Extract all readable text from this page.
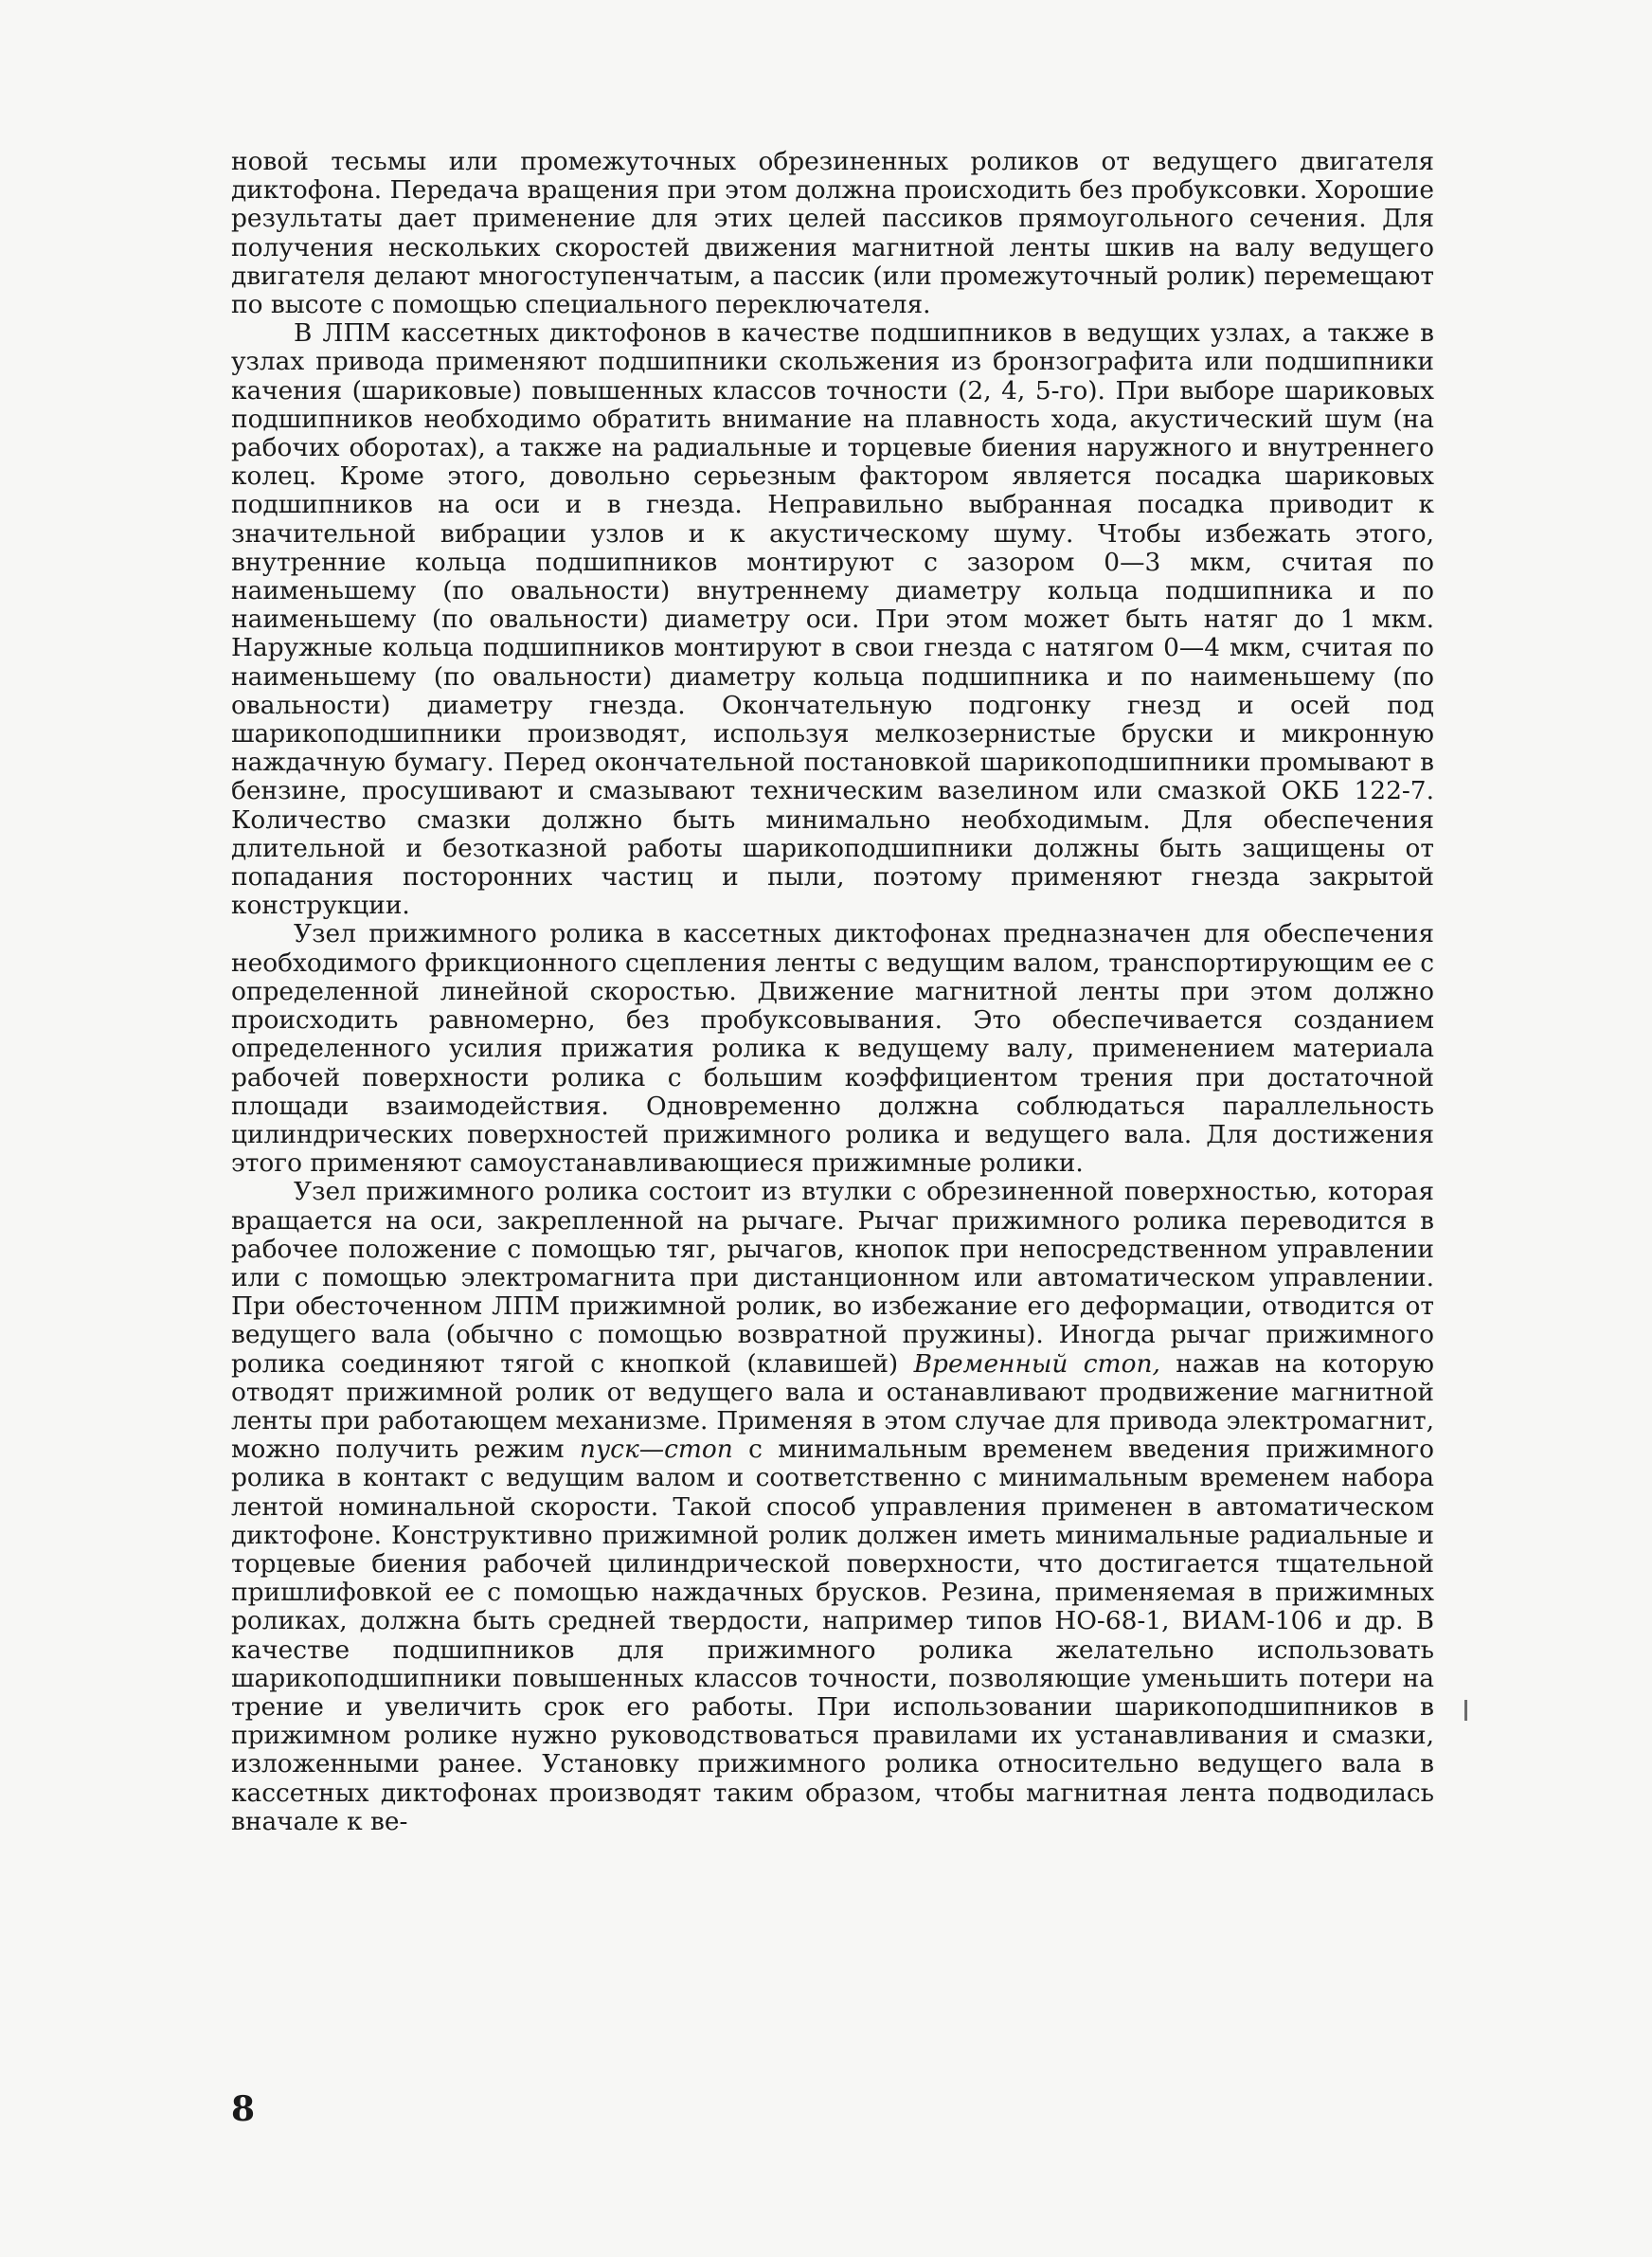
новой тесьмы или промежуточных обрезиненных роликов от ведущего двигателя диктофона. Передача вращения при этом должна происходить без пробуксовки. Хорошие результаты дает применение для этих целей пассиков прямоугольного сечения. Для получения нескольких скоростей движения магнитной ленты шкив на валу ведущего двигателя делают многоступенчатым, а пассик (или промежуточный ролик) перемещают по высоте с помощью специального переключателя.

В ЛПМ кассетных диктофонов в качестве подшипников в ведущих узлах, а также в узлах привода применяют подшипники скольжения из бронзографита или подшипники качения (шариковые) повышенных классов точности (2, 4, 5-го). При выборе шариковых подшипников необходимо обратить внимание на плавность хода, акустический шум (на рабочих оборотах), а также на радиальные и торцевые биения наружного и внутреннего колец. Кроме этого, довольно серьезным фактором является посадка шариковых подшипников на оси и в гнезда. Неправильно выбранная посадка приводит к значительной вибрации узлов и к акустическому шуму. Чтобы избежать этого, внутренние кольца подшипников монтируют с зазором 0—3 мкм, считая по наименьшему (по овальности) внутреннему диаметру кольца подшипника и по наименьшему (по овальности) диаметру оси. При этом может быть натяг до 1 мкм. Наружные кольца подшипников монтируют в свои гнезда с натягом 0—4 мкм, считая по наименьшему (по овальности) диаметру кольца подшипника и по наименьшему (по овальности) диаметру гнезда. Окончательную подгонку гнезд и осей под шарикоподшипники производят, используя мелкозернистые бруски и микронную наждачную бумагу. Перед окончательной постановкой шарикоподшипники промывают в бензине, просушивают и смазывают техническим вазелином или смазкой ОКБ 122-7. Количество смазки должно быть минимально необходимым. Для обеспечения длительной и безотказной работы шарикоподшипники должны быть защищены от попадания посторонних частиц и пыли, поэтому применяют гнезда закрытой конструкции.

Узел прижимного ролика в кассетных диктофонах предназначен для обеспечения необходимого фрикционного сцепления ленты с ведущим валом, транспортирующим ее с определенной линейной скоростью. Движение магнитной ленты при этом должно происходить равномерно, без пробуксовывания. Это обеспечивается созданием определенного усилия прижатия ролика к ведущему валу, применением материала рабочей поверхности ролика с большим коэффициентом трения при достаточной площади взаимодействия. Одновременно должна соблюдаться параллельность цилиндрических поверхностей прижимного ролика и ведущего вала. Для достижения этого применяют самоустанавливающиеся прижимные ролики.

Узел прижимного ролика состоит из втулки с обрезиненной поверхностью, которая вращается на оси, закрепленной на рычаге. Рычаг прижимного ролика переводится в рабочее положение с помощью тяг, рычагов, кнопок при непосредственном управлении или с помощью электромагнита при дистанционном или автоматическом управлении. При обесточенном ЛПМ прижимной ролик, во избежание его деформации, отводится от ведущего вала (обычно с помощью возвратной пружины). Иногда рычаг прижимного ролика соединяют тягой с кнопкой (клавишей) Временный стоп, нажав на которую отводят прижимной ролик от ведущего вала и останавливают продвижение магнитной ленты при работающем механизме. Применяя в этом случае для привода электромагнит, можно получить режим пуск—стоп с минимальным временем введения прижимного ролика в контакт с ведущим валом и соответственно с минимальным временем набора лентой номинальной скорости. Такой способ управления применен в автоматическом диктофоне. Конструктивно прижимной ролик должен иметь минимальные радиальные и торцевые биения рабочей цилиндрической поверхности, что достигается тщательной пришлифовкой ее с помощью наждачных брусков. Резина, применяемая в прижимных роликах, должна быть средней твердости, например типов НО-68-1, ВИАМ-106 и др. В качестве подшипников для прижимного ролика желательно использовать шарикоподшипники повышенных классов точности, позволяющие уменьшить потери на трение и увеличить срок его работы. При использовании шарикоподшипников в прижимном ролике нужно руководствоваться правилами их устанавливания и смазки, изложенными ранее. Установку прижимного ролика относительно ведущего вала в кассетных диктофонах производят таким образом, чтобы магнитная лента подводилась вначале к ве-

8
